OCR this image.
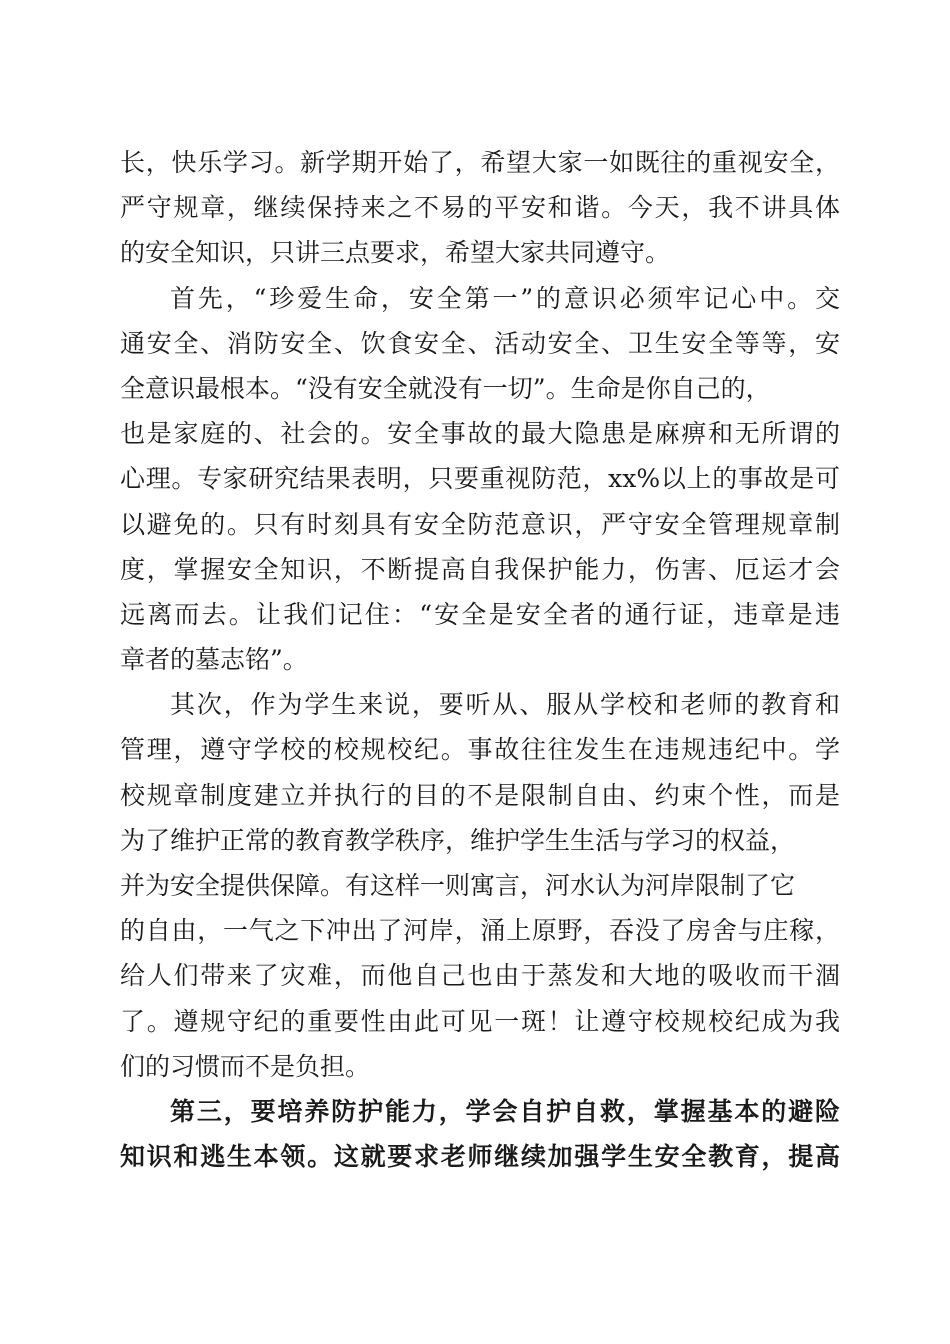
长，快乐学习。新学期开始了，希望大家一如既往的重视安全，
严守规章，继续保持来之不易的平安和谐。今天，我不讲具体
的安全知识，只讲三点要求，希望大家共同遵守。
首先，“珍爱生命，安全第一”的意识必须牢记心中。交
通安全、消防安全、饮食安全、活动安全、卫生安全等等，安
全意识最根本。“没有安全就没有一切”。生命是你自己的，
也是家庭的、社会的。安全事故的最大隐患是麻痹和无所谓的
心理。专家研究结果表明，只要重视防范，xx%以上的事故是可
以避免的。只有时刻具有安全防范意识，严守安全管理规章制
度，掌握安全知识，不断提高自我保护能力，伤害、厄运才会
远离而去。让我们记住：“安全是安全者的通行证，违章是违
章者的墓志铭”。
其次，作为学生来说，要听从、服从学校和老师的教育和
管理，遵守学校的校规校纪。事故往往发生在违规违纪中。学
校规章制度建立并执行的目的不是限制自由、约束个性，而是
为了维护正常的教育教学秩序，维护学生生活与学习的权益，
并为安全提供保障。有这样一则寓言，河水认为河岸限制了它
的自由，一气之下冲出了河岸，涌上原野，吞没了房舍与庄稼，
给人们带来了灾难，而他自己也由于蒸发和大地的吸收而干涸
了。遵规守纪的重要性由此可见一斑！让遵守校规校纪成为我
们的习惯而不是负担。
第三，要培养防护能力，学会自护自救，掌握基本的避险
知识和逃生本领。这就要求老师继续加强学生安全教育，提高
